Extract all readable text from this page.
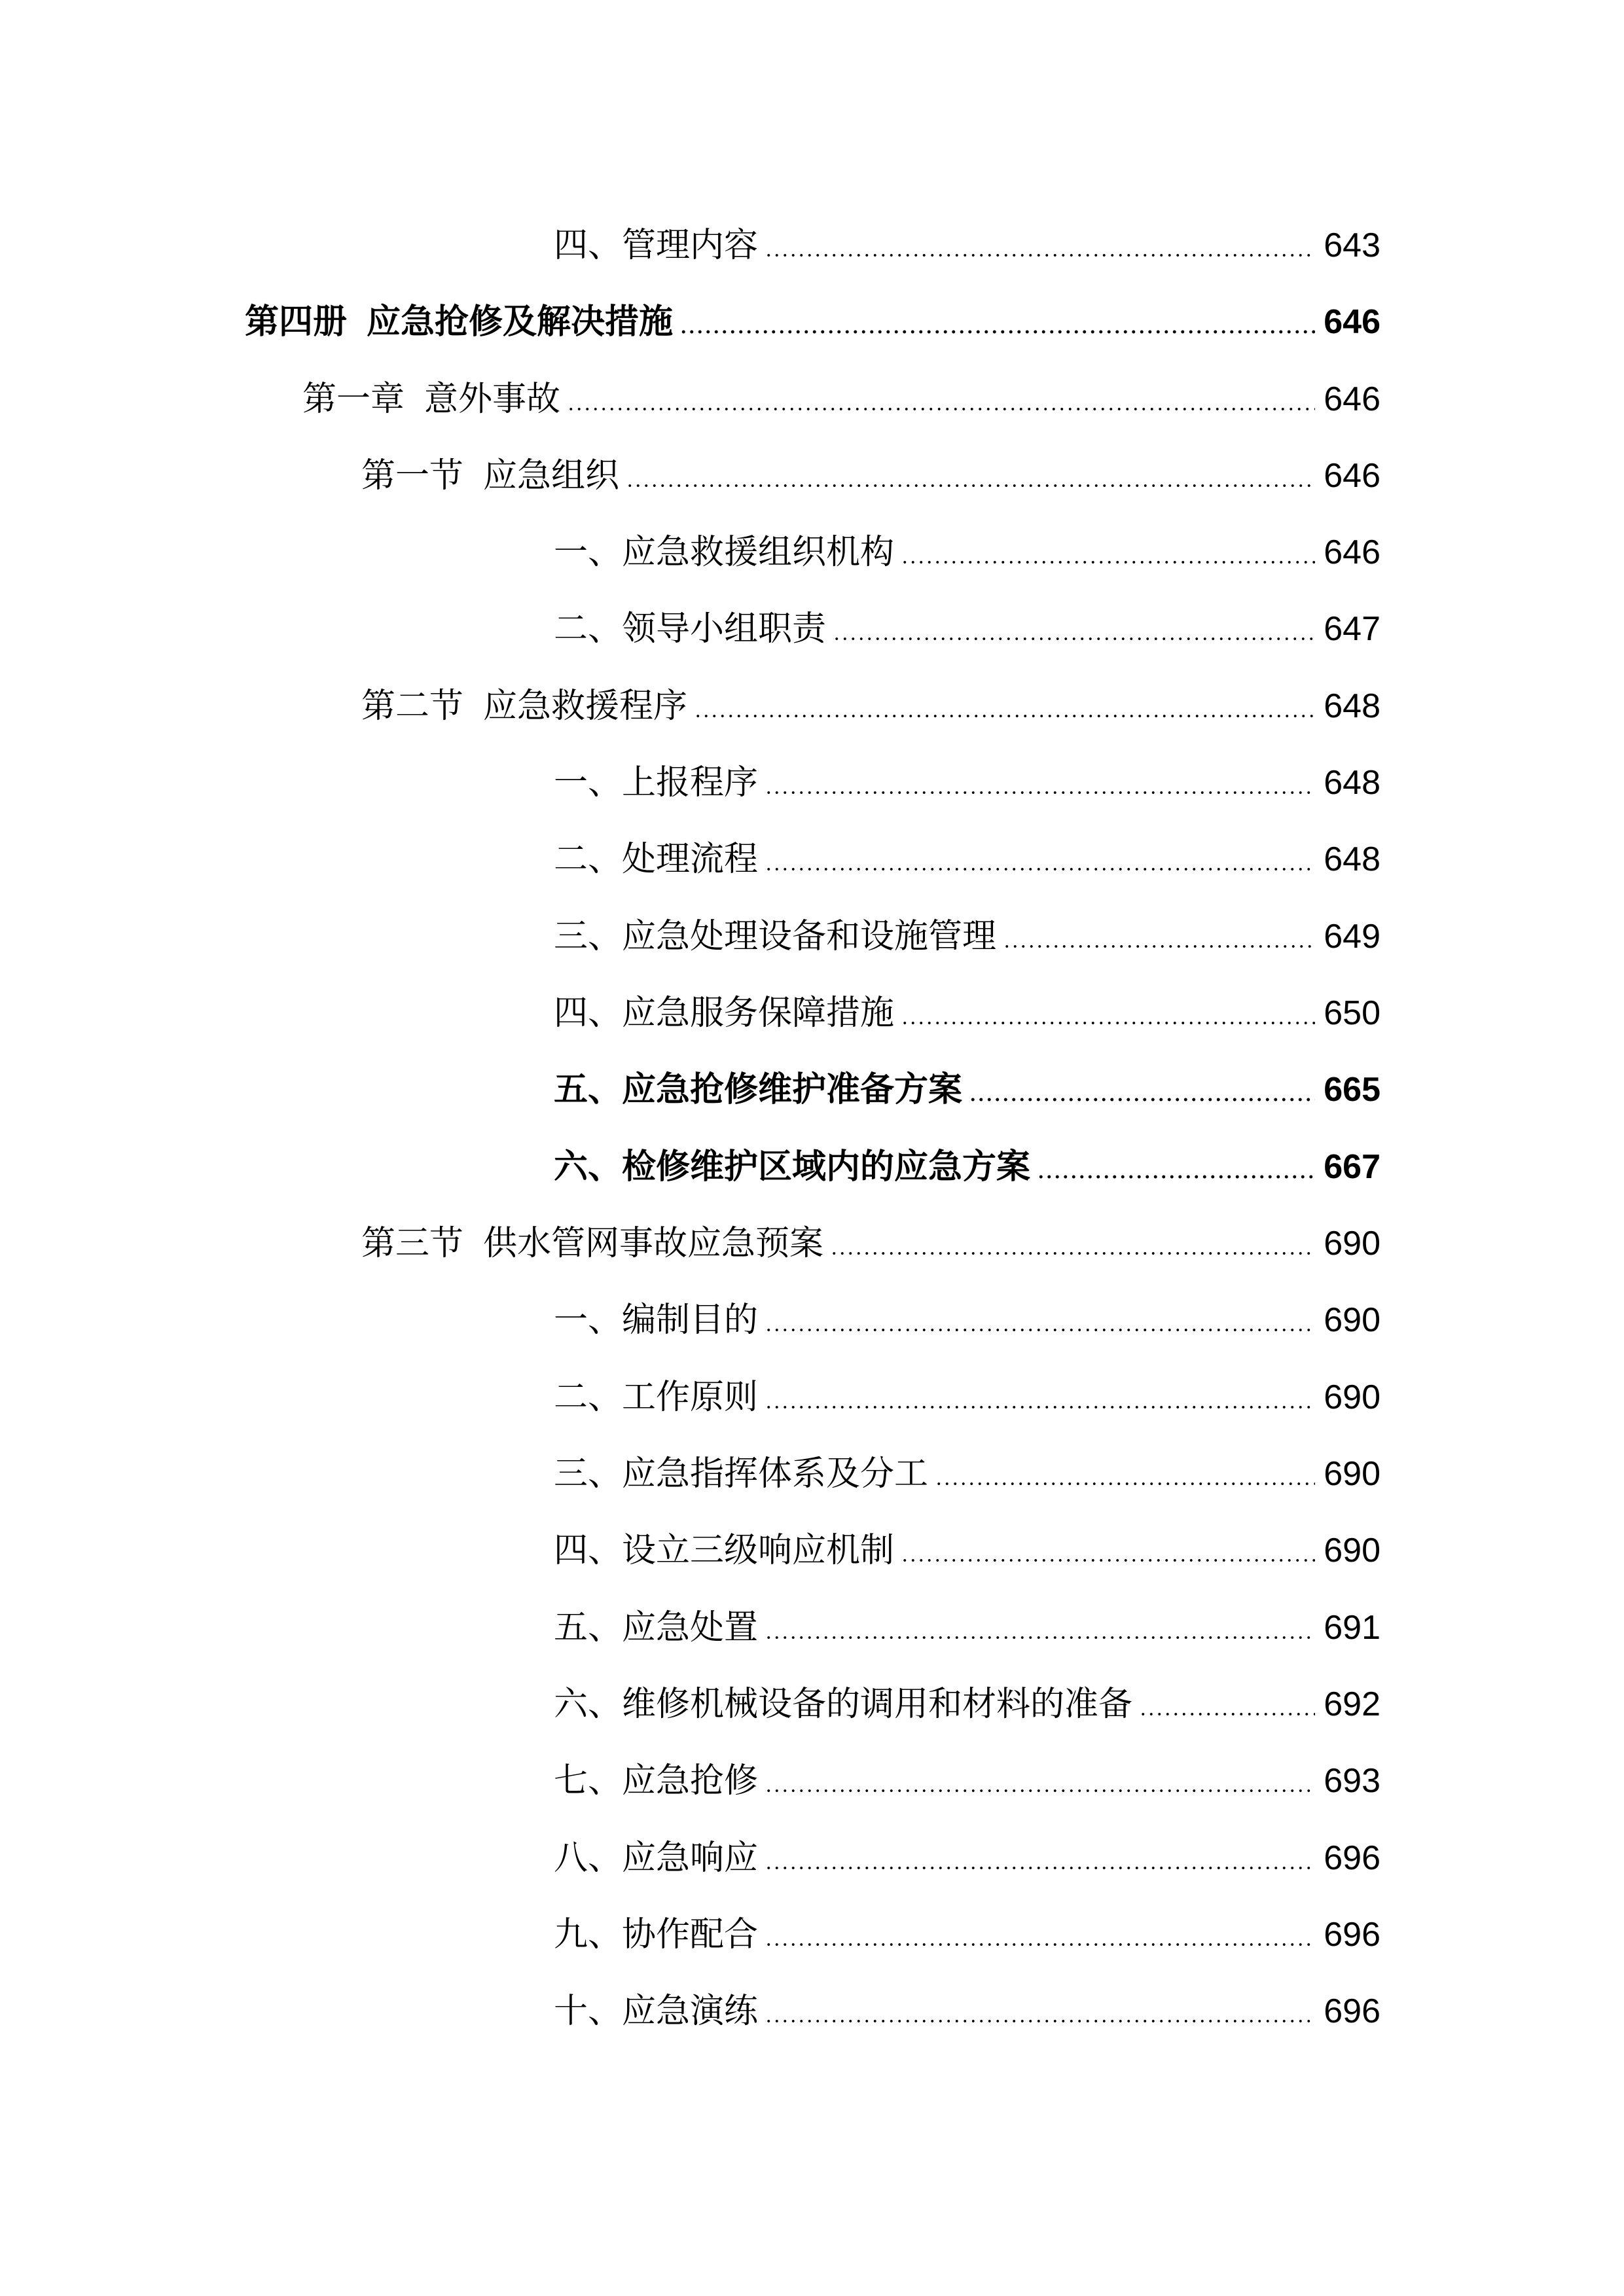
四、管理内容	643
第四册 应急抢修及解决措施	646
第一章 意外事故	646
第一节 应急组织	646
一、应急救援组织机构	646
二、领导小组职责	647
第二节 应急救援程序	648
一、上报程序	648
二、处理流程	648
三、应急处理设备和设施管理	649
四、应急服务保障措施	650
五、应急抢修维护准备方案	665
六、检修维护区域内的应急方案	667
第三节 供水管网事故应急预案	690
一、编制目的	690
二、工作原则	690
三、应急指挥体系及分工	690
四、设立三级响应机制	690
五、应急处置	691
六、维修机械设备的调用和材料的准备	692
七、应急抢修	693
八、应急响应	696
九、协作配合	696
十、应急演练	696
